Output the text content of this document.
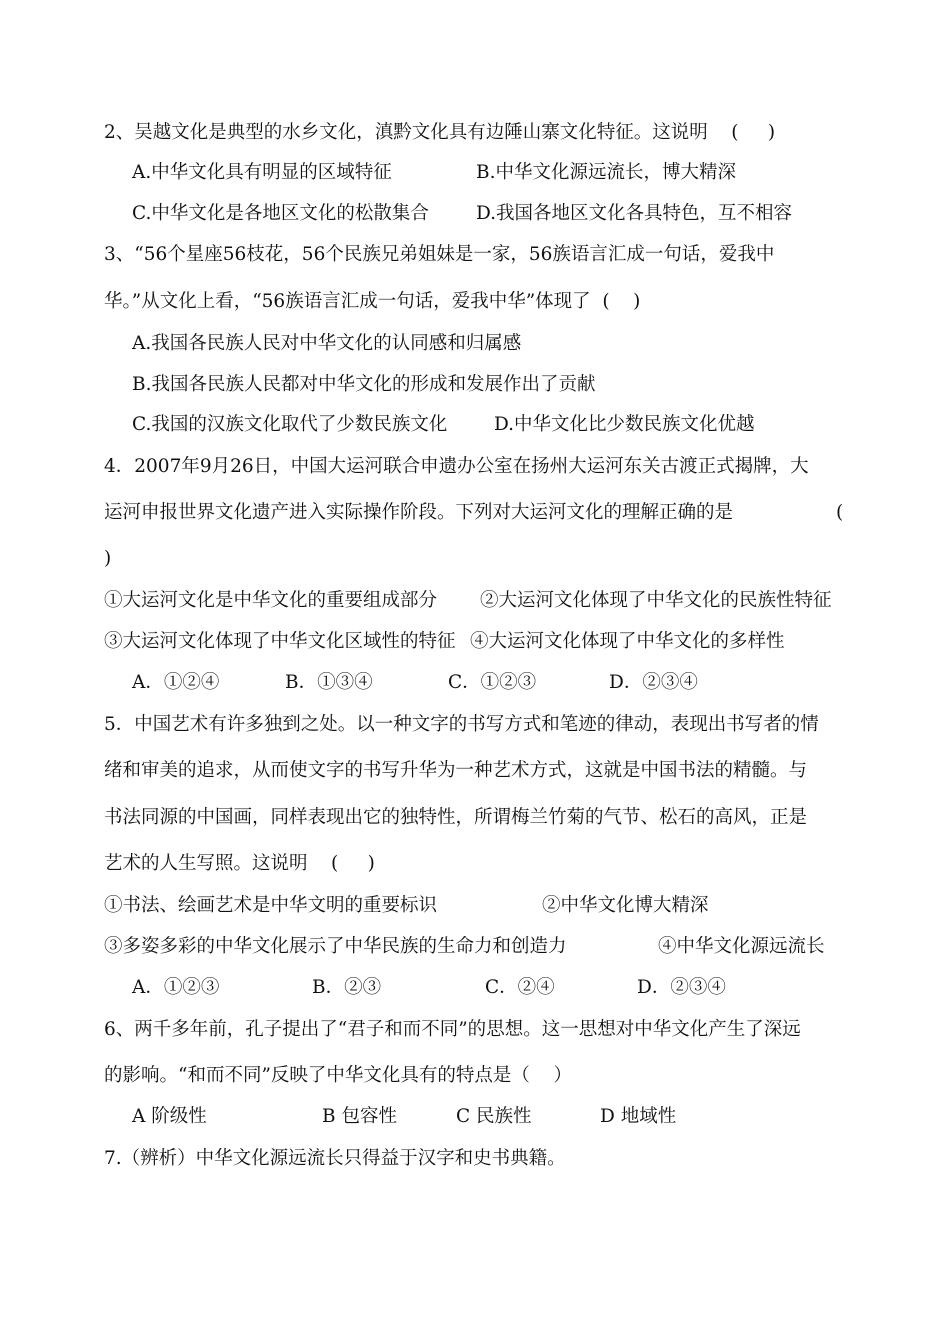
2、吴越文化是典型的水乡文化，滇黔文化具有边陲山寨文化特征。这说明    (     )
A.中华文化具有明显的区域特征	B.中华文化源远流长，博大精深
C.中华文化是各地区文化的松散集合	D.我国各地区文化各具特色，互不相容
3、“56个星座56枝花，56个民族兄弟姐妹是一家，56族语言汇成一句话，爱我中
华。”从文化上看，“56族语言汇成一句话，爱我中华”体现了  (    )
A.我国各民族人民对中华文化的认同感和归属感
B.我国各民族人民都对中华文化的形成和发展作出了贡献
C.我国的汉族文化取代了少数民族文化	D.中华文化比少数民族文化优越
4．2007年9月26日，中国大运河联合申遗办公室在扬州大运河东关古渡正式揭牌，大
运河申报世界文化遗产进入实际操作阶段。下列对大运河文化的理解正确的是	(
)
①大运河文化是中华文化的重要组成部分 ②大运河文化体现了中华文化的民族性特征
③大运河文化体现了中华文化区域性的特征 ④大运河文化体现了中华文化的多样性
A．①②④	B．①③④	C．①②③	D．②③④
5．中国艺术有许多独到之处。以一种文字的书写方式和笔迹的律动，表现出书写者的情
绪和审美的追求，从而使文字的书写升华为一种艺术方式，这就是中国书法的精髓。与
书法同源的中国画，同样表现出它的独特性，所谓梅兰竹菊的气节、松石的高风，正是
艺术的人生写照。这说明    (     )
①书法、绘画艺术是中华文明的重要标识	②中华文化博大精深
③多姿多彩的中华文化展示了中华民族的生命力和创造力	④中华文化源远流长
A．①②③	B．②③	C．②④	D．②③④
6、两千多年前，孔子提出了“君子和而不同”的思想。这一思想对中华文化产生了深远
的影响。“和而不同”反映了中华文化具有的特点是（    ）
A 阶级性	B 包容性	C 民族性	D 地域性
7.（辨析）中华文化源远流长只得益于汉字和史书典籍。
